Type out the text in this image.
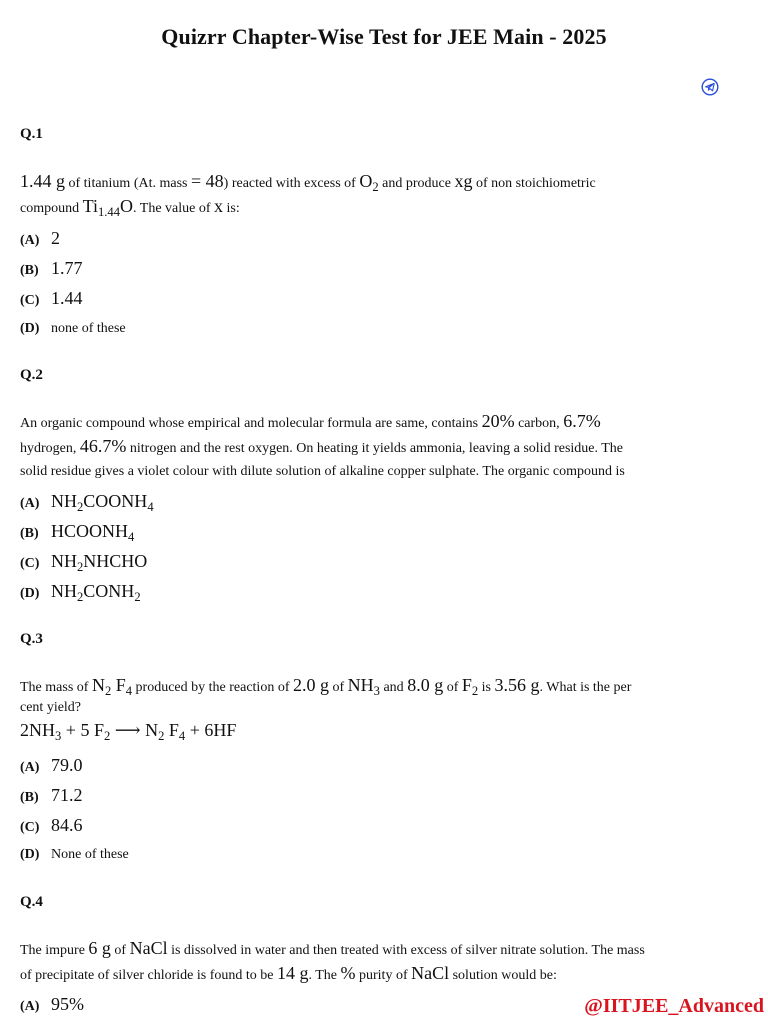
Quizrr Chapter-Wise Test for JEE Main - 2025
Q.1
1.44 g of titanium (At. mass = 48) reacted with excess of $O_2$ and produce xg of non stoichiometric
compound $Ti_{1.44}O$. The value of x is:
(A) 2
(B) 1.77
(C) 1.44
(D) none of these
Q.2
An organic compound whose empirical and molecular formula are same, contains 20% carbon, 6.7%
hydrogen, 46.7% nitrogen and the rest oxygen. On heating it yields ammonia, leaving a solid residue. The
solid residue gives a violet colour with dilute solution of alkaline copper sulphate. The organic compound is
(A) $NH_2COONH_4$
(B) $HCOONH_4$
(C) $NH_2NHCHO$
(D) $NH_2CONH_2$
Q.3
The mass of $N_2$ $F_4$ produced by the reaction of 2.0 g of $NH_3$ and 8.0 g of $F_2$ is 3.56 g. What is the per
cent yield?
$2NH_3 + 5$ $F_2$ ⟶ $N_2$ $F_4 + 6HF$
(A) 79.0
(B) 71.2
(C) 84.6
(D) None of these
Q.4
The impure 6 g of NaCl is dissolved in water and then treated with excess of silver nitrate solution. The mass
of precipitate of silver chloride is found to be 14 g. The % purity of NaCl solution would be:
(A) 95%	@IITJEE_Advanced
